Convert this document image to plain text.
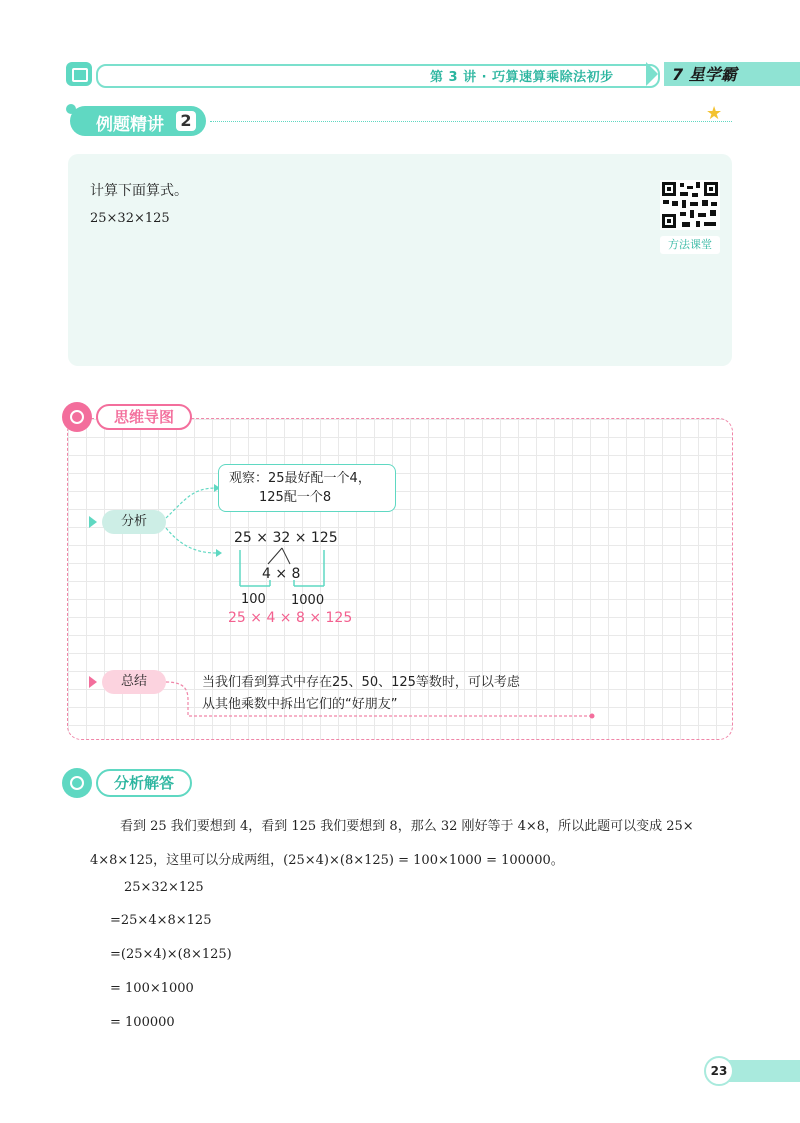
第 3 讲 · 巧算速算乘除法初步	7 星学霸
例题精讲 2	★
计算下面算式。
25×32×125
方法课堂
思维导图
分析
观察：25最好配一个4，
125配一个8
25 × 32 × 125
4 × 8
100 1000
25 × 4 × 8 × 125
总结	当我们看到算式中存在25、50、125等数时，可以考虑
从其他乘数中拆出它们的“好朋友”
分析解答
看到 25 我们要想到 4，看到 125 我们要想到 8，那么 32 刚好等于 4×8，所以此题可以变成 25×
4×8×125，这里可以分成两组，(25×4)×(8×125) = 100×1000 = 100000。
25×32×125
=25×4×8×125
=(25×4)×(8×125)
= 100×1000
= 100000
23
